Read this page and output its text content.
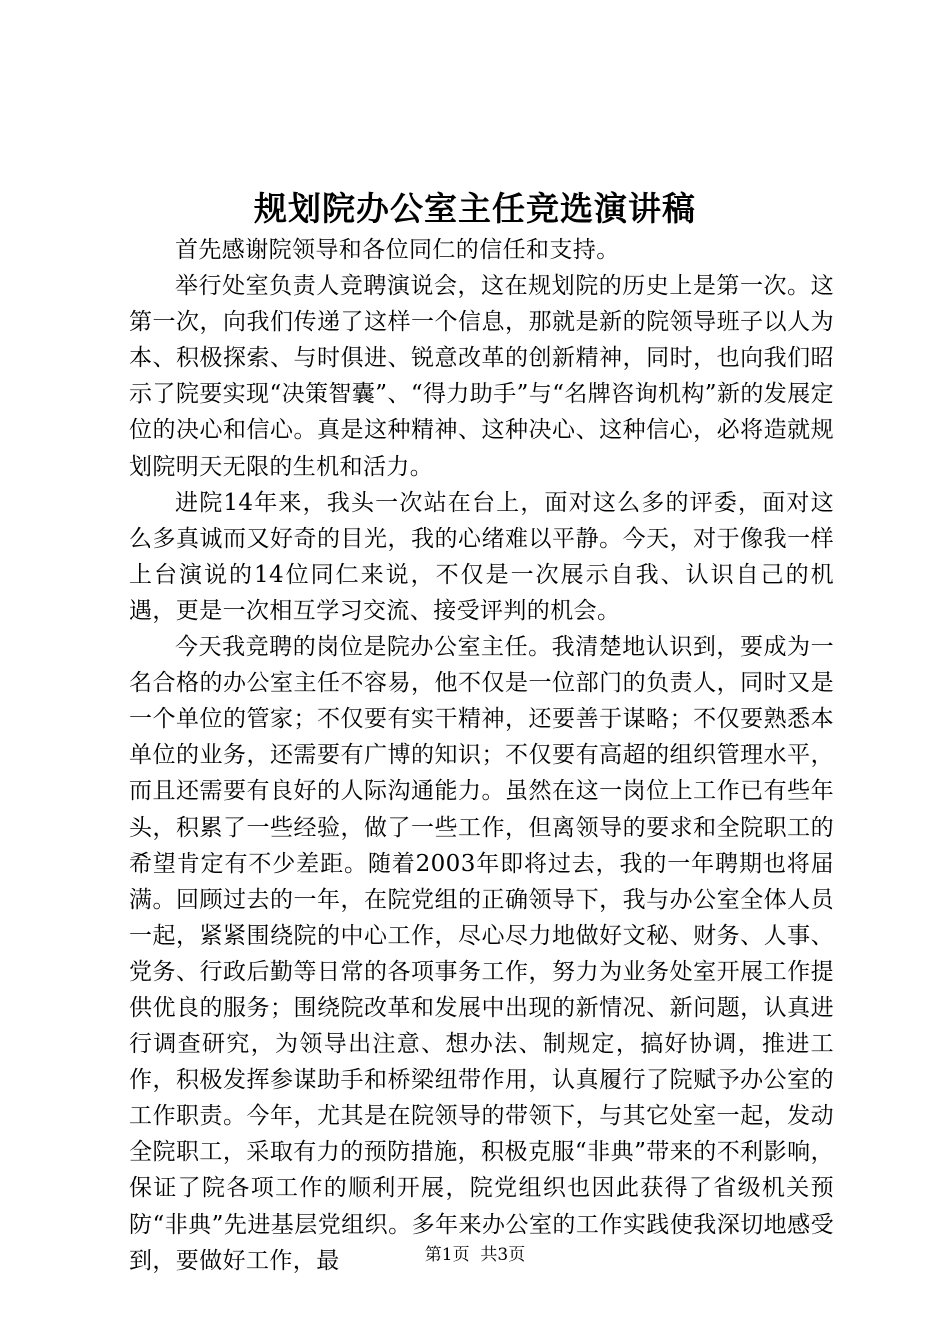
规划院办公室主任竞选演讲稿

首先感谢院领导和各位同仁的信任和支持。

举行处室负责人竞聘演说会，这在规划院的历史上是第一次。这第一次，向我们传递了这样一个信息，那就是新的院领导班子以人为本、积极探索、与时俱进、锐意改革的创新精神，同时，也向我们昭示了院要实现“决策智囊”、“得力助手”与“名牌咨询机构”新的发展定位的决心和信心。真是这种精神、这种决心、这种信心，必将造就规划院明天无限的生机和活力。

进院14年来，我头一次站在台上，面对这么多的评委，面对这么多真诚而又好奇的目光，我的心绪难以平静。今天，对于像我一样上台演说的14位同仁来说，不仅是一次展示自我、认识自己的机遇，更是一次相互学习交流、接受评判的机会。

今天我竞聘的岗位是院办公室主任。我清楚地认识到，要成为一名合格的办公室主任不容易，他不仅是一位部门的负责人，同时又是一个单位的管家；不仅要有实干精神，还要善于谋略；不仅要熟悉本单位的业务，还需要有广博的知识；不仅要有高超的组织管理水平，而且还需要有良好的人际沟通能力。虽然在这一岗位上工作已有些年头，积累了一些经验，做了一些工作，但离领导的要求和全院职工的希望肯定有不少差距。随着2003年即将过去，我的一年聘期也将届满。回顾过去的一年，在院党组的正确领导下，我与办公室全体人员一起，紧紧围绕院的中心工作，尽心尽力地做好文秘、财务、人事、党务、行政后勤等日常的各项事务工作，努力为业务处室开展工作提供优良的服务；围绕院改革和发展中出现的新情况、新问题，认真进行调查研究，为领导出注意、想办法、制规定，搞好协调，推进工作，积极发挥参谋助手和桥梁纽带作用，认真履行了院赋予办公室的工作职责。今年，尤其是在院领导的带领下，与其它处室一起，发动全院职工，采取有力的预防措施，积极克服“非典”带来的不利影响，保证了院各项工作的顺利开展，院党组织也因此获得了省级机关预防“非典”先进基层党组织。多年来办公室的工作实践使我深切地感受到，要做好工作，最	第1页 共3页
